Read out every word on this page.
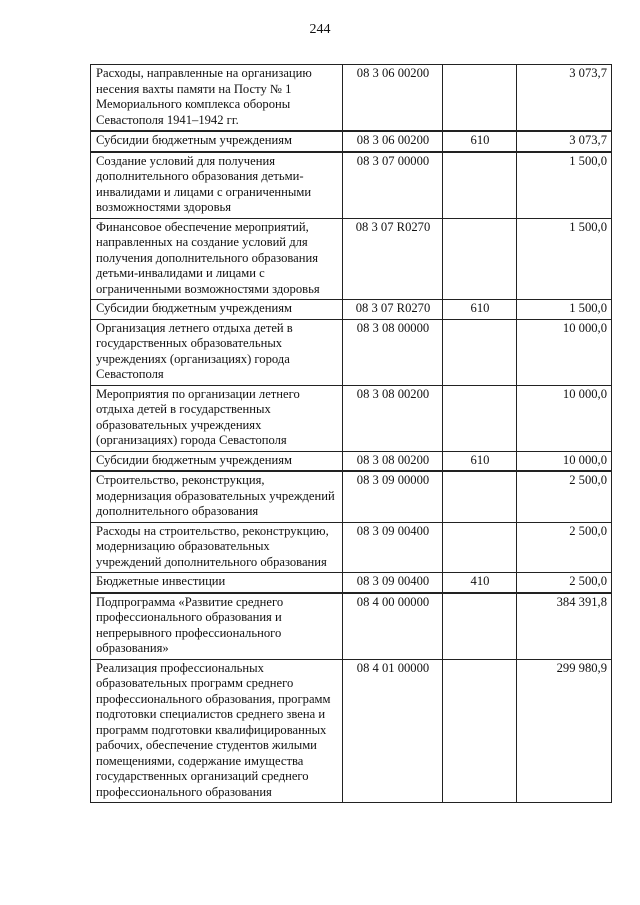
244
Расходы, направленные на организацию несения вахты памяти на Посту № 1 Мемориального комплекса обороны Севастополя 1941–1942 гг.	08 3 06 00200		3 073,7
Субсидии бюджетным учреждениям	08 3 06 00200	610	3 073,7
Создание условий для получения дополнительного образования детьми-инвалидами и лицами с ограниченными возможностями здоровья	08 3 07 00000		1 500,0
Финансовое обеспечение мероприятий, направленных на создание условий для получения дополнительного образования детьми-инвалидами и лицами с ограниченными возможностями здоровья	08 3 07 R0270		1 500,0
Субсидии бюджетным учреждениям	08 3 07 R0270	610	1 500,0
Организация летнего отдыха детей в государственных образовательных учреждениях (организациях) города Севастополя	08 3 08 00000		10 000,0
Мероприятия по организации летнего отдыха детей в государственных образовательных учреждениях (организациях) города Севастополя	08 3 08 00200		10 000,0
Субсидии бюджетным учреждениям	08 3 08 00200	610	10 000,0
Строительство, реконструкция, модернизация образовательных учреждений дополнительного образования	08 3 09 00000		2 500,0
Расходы на строительство, реконструкцию, модернизацию образовательных учреждений дополнительного образования	08 3 09 00400		2 500,0
Бюджетные инвестиции	08 3 09 00400	410	2 500,0
Подпрограмма «Развитие среднего профессионального образования и непрерывного профессионального образования»	08 4 00 00000		384 391,8
Реализация профессиональных образовательных программ среднего профессионального образования, программ подготовки специалистов среднего звена и программ подготовки квалифицированных рабочих, обеспечение студентов жилыми помещениями, содержание имущества государственных организаций среднего профессионального образования	08 4 01 00000		299 980,9
